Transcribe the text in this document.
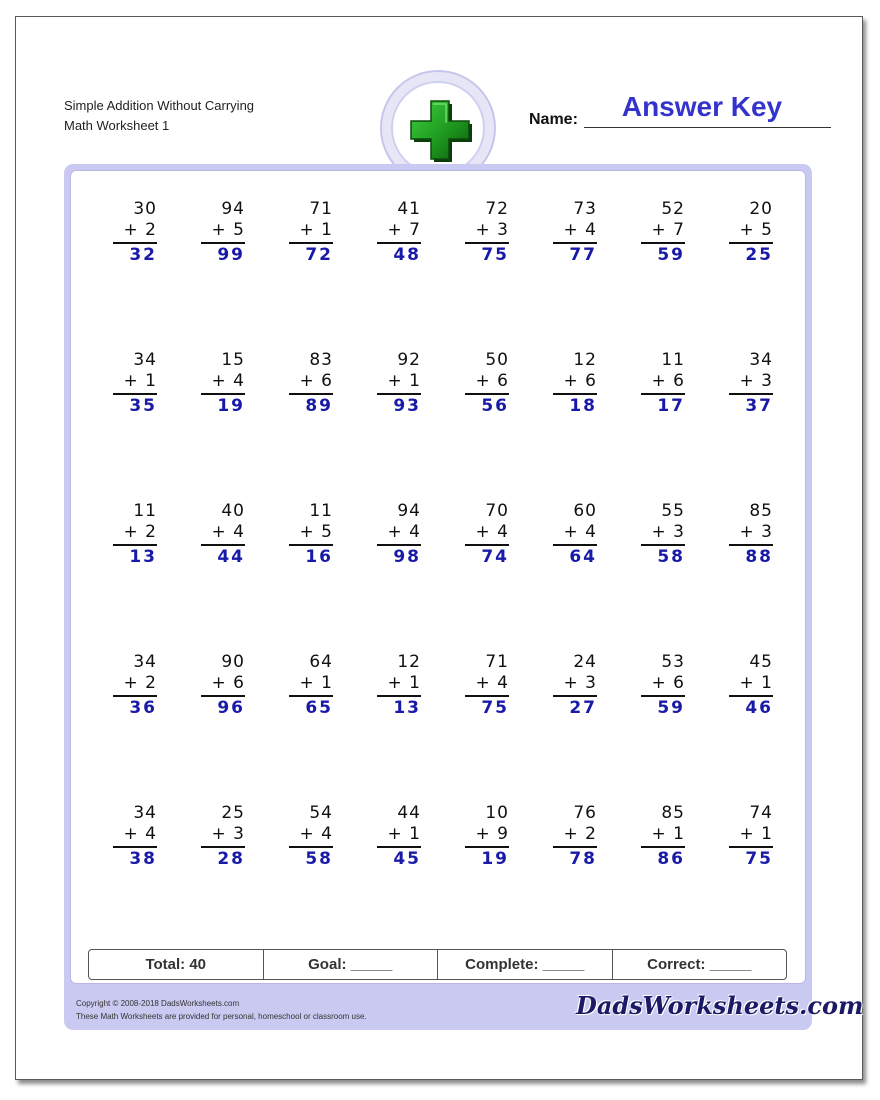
Simple Addition Without Carrying
Math Worksheet 1	Name:	Answer Key
30
+ 2
32
94
+ 5
99
71
+ 1
72
41
+ 7
48
72
+ 3
75
73
+ 4
77
52
+ 7
59
20
+ 5
25
34
+ 1
35
15
+ 4
19
83
+ 6
89
92
+ 1
93
50
+ 6
56
12
+ 6
18
11
+ 6
17
34
+ 3
37
11
+ 2
13
40
+ 4
44
11
+ 5
16
94
+ 4
98
70
+ 4
74
60
+ 4
64
55
+ 3
58
85
+ 3
88
34
+ 2
36
90
+ 6
96
64
+ 1
65
12
+ 1
13
71
+ 4
75
24
+ 3
27
53
+ 6
59
45
+ 1
46
34
+ 4
38
25
+ 3
28
54
+ 4
58
44
+ 1
45
10
+ 9
19
76
+ 2
78
85
+ 1
86
74
+ 1
75
Total: 40	Goal: _____	Complete: _____	Correct: _____
Copyright © 2008-2018 DadsWorksheets.com
These Math Worksheets are provided for personal, homeschool or classroom use.	DadsWorksheets.com
